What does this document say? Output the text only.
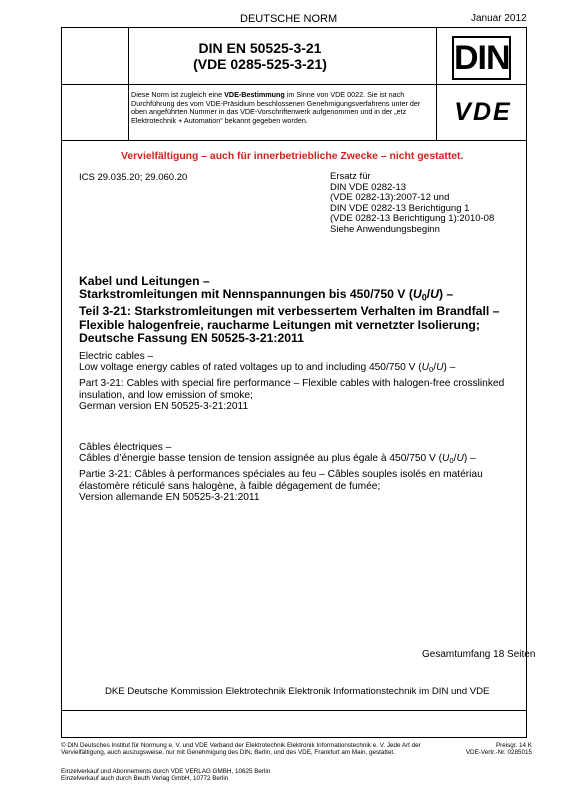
DEUTSCHE NORM	Januar 2012
DIN EN 50525-3-21
(VDE 0285-525-3-21)
Diese Norm ist zugleich eine VDE-Bestimmung im Sinne von VDE 0022. Sie ist nach Durchführung des vom VDE-Präsidium beschlossenen Genehmigungsverfahrens unter der oben angeführten Nummer in das VDE-Vorschriftenwerk aufgenommen und in der „etz Elektrotechnik + Automation“ bekannt gegeben worden.
DIN
VDE
Vervielfältigung – auch für innerbetriebliche Zwecke – nicht gestattet.
ICS 29.035.20; 29.060.20	Ersatz für
DIN VDE 0282-13
(VDE 0282-13):2007-12 und
DIN VDE 0282-13 Berichtigung 1
(VDE 0282-13 Berichtigung 1):2010-08
Siehe Anwendungsbeginn
Kabel und Leitungen –
Starkstromleitungen mit Nennspannungen bis 450/750 V $(U_0/U)$ –
Teil 3-21: Starkstromleitungen mit verbessertem Verhalten im Brandfall – Flexible halogenfreie, raucharme Leitungen mit vernetzter Isolierung; Deutsche Fassung EN 50525-3-21:2011
Electric cables –
Low voltage energy cables of rated voltages up to and including 450/750 V $(U_0/U)$ –
Part 3-21: Cables with special fire performance – Flexible cables with halogen-free crosslinked insulation, and low emission of smoke;
German version EN 50525-3-21:2011
Câbles électriques –
Câbles d’énergie basse tension de tension assignée au plus égale à 450/750 V $(U_0/U)$ –
Partie 3-21: Câbles à performances spéciales au feu – Câbles souples isolés en matériau élastomère réticulé sans halogène, à faible dégagement de fumée;
Version allemande EN 50525-3-21:2011
Gesamtumfang 18 Seiten
DKE Deutsche Kommission Elektrotechnik Elektronik Informationstechnik im DIN und VDE
© DIN Deutsches Institut für Normung e. V. und VDE Verband der Elektrotechnik Elektronik Informationstechnik e. V. Jede Art der Vervielfältigung, auch auszugsweise, nur mit Genehmigung des DIN, Berlin, und des VDE, Frankfurt am Main, gestattet.
Preisgr. 14 K
VDE-Vertr.-Nr. 0285015
Einzelverkauf und Abonnements durch VDE VERLAG GMBH, 10625 Berlin
Einzelverkauf auch durch Beuth Verlag GmbH, 10772 Berlin
